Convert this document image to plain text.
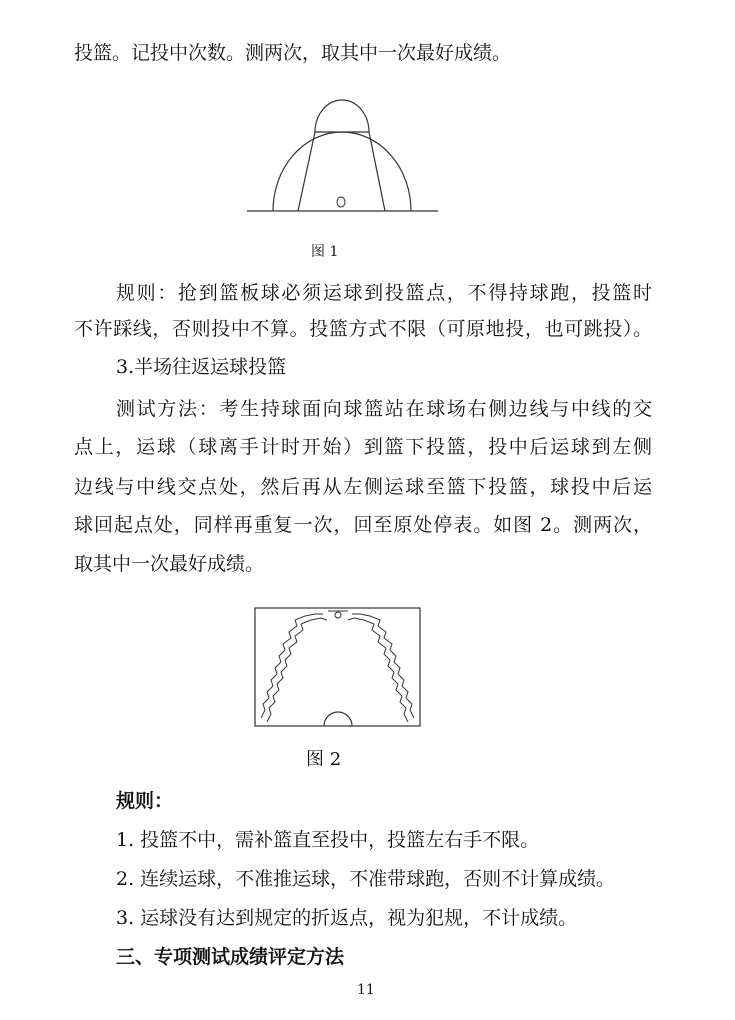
投篮。记投中次数。测两次，取其中一次最好成绩。
图 1
规则：抢到篮板球必须运球到投篮点，不得持球跑，投篮时
不许踩线，否则投中不算。投篮方式不限（可原地投，也可跳投）。
3.半场往返运球投篮
测试方法：考生持球面向球篮站在球场右侧边线与中线的交
点上，运球（球离手计时开始）到篮下投篮，投中后运球到左侧
边线与中线交点处，然后再从左侧运球至篮下投篮，球投中后运
球回起点处，同样再重复一次，回至原处停表。如图 2。测两次，
取其中一次最好成绩。
图 2
规则：
1. 投篮不中，需补篮直至投中，投篮左右手不限。
2. 连续运球，不准推运球，不准带球跑，否则不计算成绩。
3. 运球没有达到规定的折返点，视为犯规，不计成绩。
三、专项测试成绩评定方法
11
